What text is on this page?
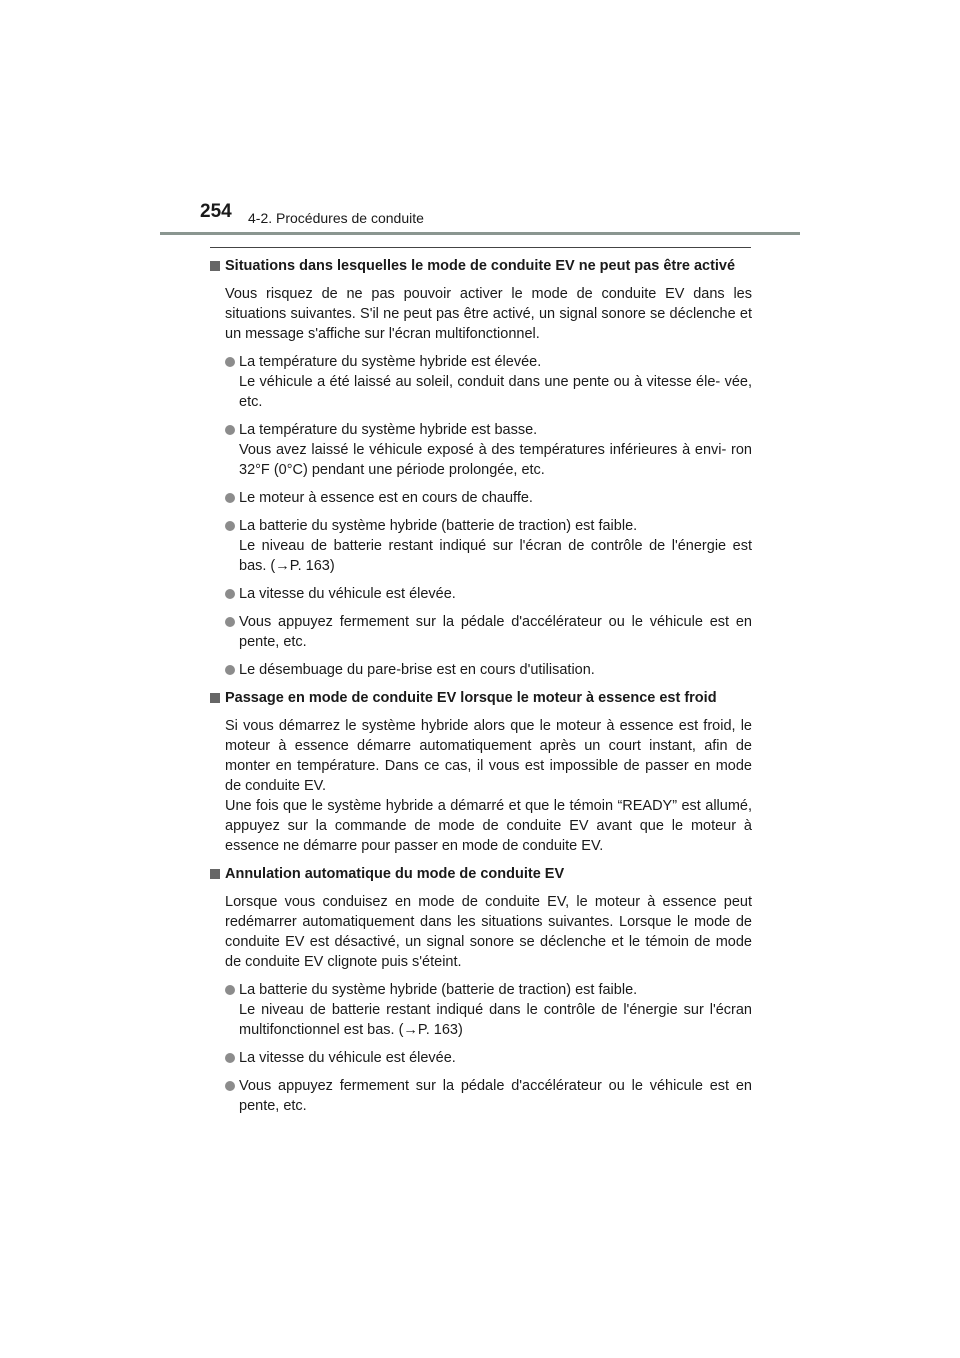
254 4-2. Procédures de conduite
Situations dans lesquelles le mode de conduite EV ne peut pas être activé

Vous risquez de ne pas pouvoir activer le mode de conduite EV dans les situations suivantes. S'il ne peut pas être activé, un signal sonore se déclenche et un message s'affiche sur l'écran multifonctionnel.

La température du système hybride est élevée.

Le véhicule a été laissé au soleil, conduit dans une pente ou à vitesse éle- vée, etc.

La température du système hybride est basse.

Vous avez laissé le véhicule exposé à des températures inférieures à envi- ron 32°F (0°C) pendant une période prolongée, etc.

Le moteur à essence est en cours de chauffe.

La batterie du système hybride (batterie de traction) est faible.

Le niveau de batterie restant indiqué sur l'écran de contrôle de l'énergie est bas. (→P. 163)

La vitesse du véhicule est élevée.

Vous appuyez fermement sur la pédale d'accélérateur ou le véhicule est en pente, etc.

Le désembuage du pare-brise est en cours d'utilisation.

Passage en mode de conduite EV lorsque le moteur à essence est froid

Si vous démarrez le système hybride alors que le moteur à essence est froid, le moteur à essence démarre automatiquement après un court instant, afin de monter en température. Dans ce cas, il vous est impossible de passer en mode de conduite EV.

Une fois que le système hybride a démarré et que le témoin “READY” est allumé, appuyez sur la commande de mode de conduite EV avant que le moteur à essence ne démarre pour passer en mode de conduite EV.

Annulation automatique du mode de conduite EV

Lorsque vous conduisez en mode de conduite EV, le moteur à essence peut redémarrer automatiquement dans les situations suivantes. Lorsque le mode de conduite EV est désactivé, un signal sonore se déclenche et le témoin de mode de conduite EV clignote puis s'éteint.

La batterie du système hybride (batterie de traction) est faible.

Le niveau de batterie restant indiqué dans le contrôle de l'énergie sur l'écran multifonctionnel est bas. (→P. 163)

La vitesse du véhicule est élevée.

Vous appuyez fermement sur la pédale d'accélérateur ou le véhicule est en pente, etc.
